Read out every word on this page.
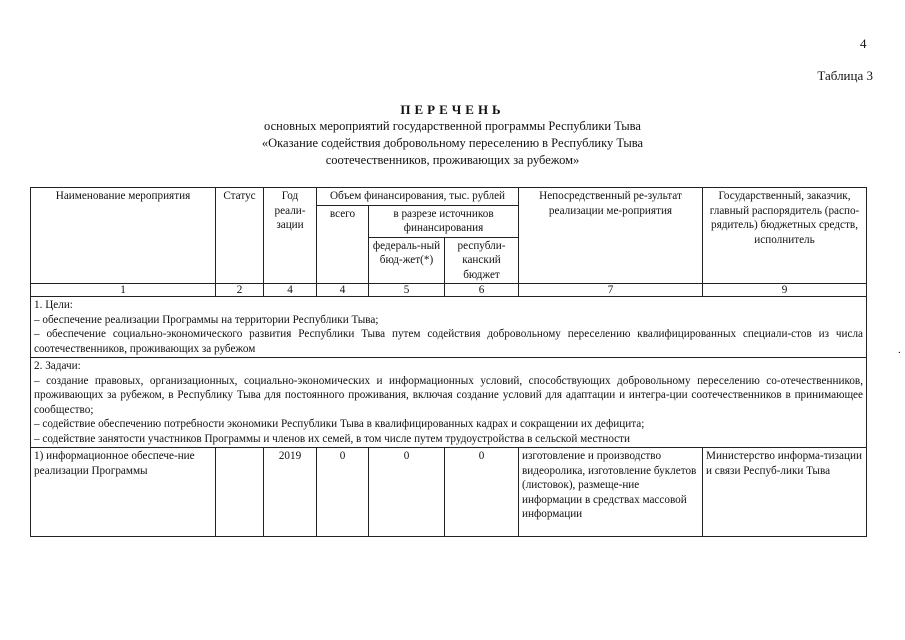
4
Таблица 3
ПЕРЕЧЕНЬ
основных мероприятий государственной программы Республики Тыва
«Оказание содействия добровольному переселению в Республику Тыва
соотечественников, проживающих за рубежом»
Наименование мероприятия	Статус	Год реали-зации	Объем финансирования, тыс. рублей			Непосредственный ре-зультат реализации ме-роприятия	Государственный, заказчик, главный распорядитель (распо-рядитель) бюджетных средств, исполнитель
			всего	в разрезе источников финансирования			
				федераль-ный бюд-жет(*)	республи-канский бюджет		
1	2	4	4	5	6	7	9

1. Цели:
– обеспечение реализации Программы на территории Республики Тыва;
– обеспечение социально-экономического развития Республики Тыва путем содействия добровольному переселению квалифицированных специали-стов из числа соотечественников, проживающих за рубежом							

2. Задачи:
– создание правовых, организационных, социально-экономических и информационных условий, способствующих добровольному переселению со-отечественников, проживающих за рубежом, в Республику Тыва для постоянного проживания, включая создание условий для адаптации и интегра-ции соотечественников в принимающее сообщество;
– содействие обеспечению потребности экономики Республики Тыва в квалифицированных кадрах и сокращении их дефицита;
– содействие занятости участников Программы и членов их семей, в том числе путем трудоустройства в сельской местности							

1) информационное обеспече-ние реализации Программы		2019	0	0	0	изготовление и производство видеоролика, изготовление буклетов (листовок), размеще-ние информации в средствах массовой информации	Министерство информа-тизации и связи Респуб-лики Тыва
.
